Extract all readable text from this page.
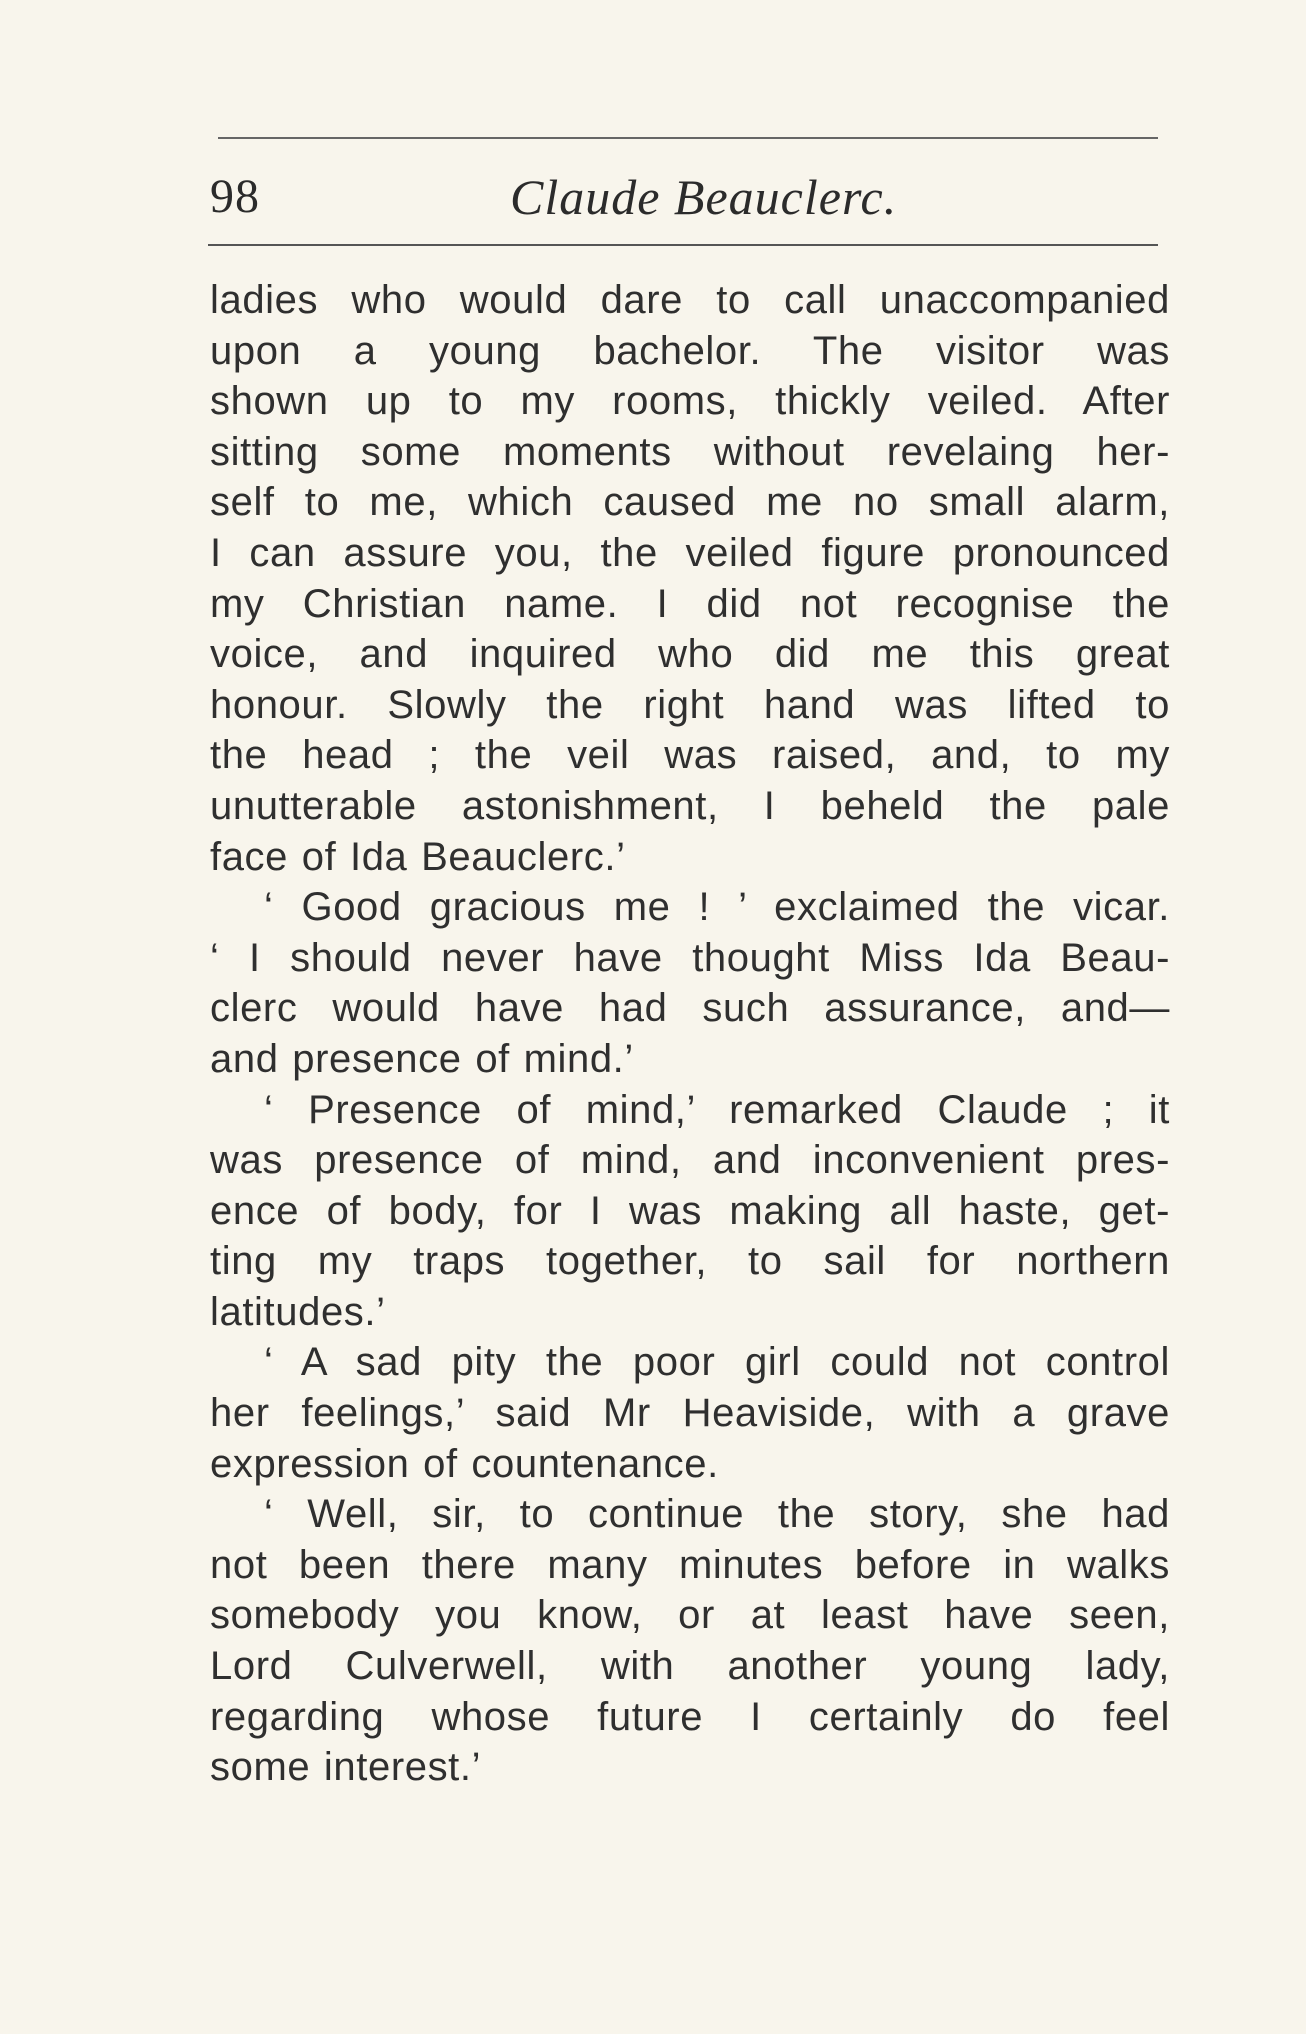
98	Claude Beauclerc.
ladies who would dare to call unaccompanied
upon a young bachelor. The visitor was
shown up to my rooms, thickly veiled. After
sitting some moments without revelaing her-
self to me, which caused me no small alarm,
I can assure you, the veiled figure pronounced
my Christian name. I did not recognise the
voice, and inquired who did me this great
honour. Slowly the right hand was lifted to
the head ; the veil was raised, and, to my
unutterable astonishment, I beheld the pale
face of Ida Beauclerc.’
‘ Good gracious me ! ’ exclaimed the vicar.
‘ I should never have thought Miss Ida Beau-
clerc would have had such assurance, and—
and presence of mind.’
‘ Presence of mind,’ remarked Claude ; it
was presence of mind, and inconvenient pres-
ence of body, for I was making all haste, get-
ting my traps together, to sail for northern
latitudes.’
‘ A sad pity the poor girl could not control
her feelings,’ said Mr Heaviside, with a grave
expression of countenance.
‘ Well, sir, to continue the story, she had
not been there many minutes before in walks
somebody you know, or at least have seen,
Lord Culverwell, with another young lady,
regarding whose future I certainly do feel
some interest.’
